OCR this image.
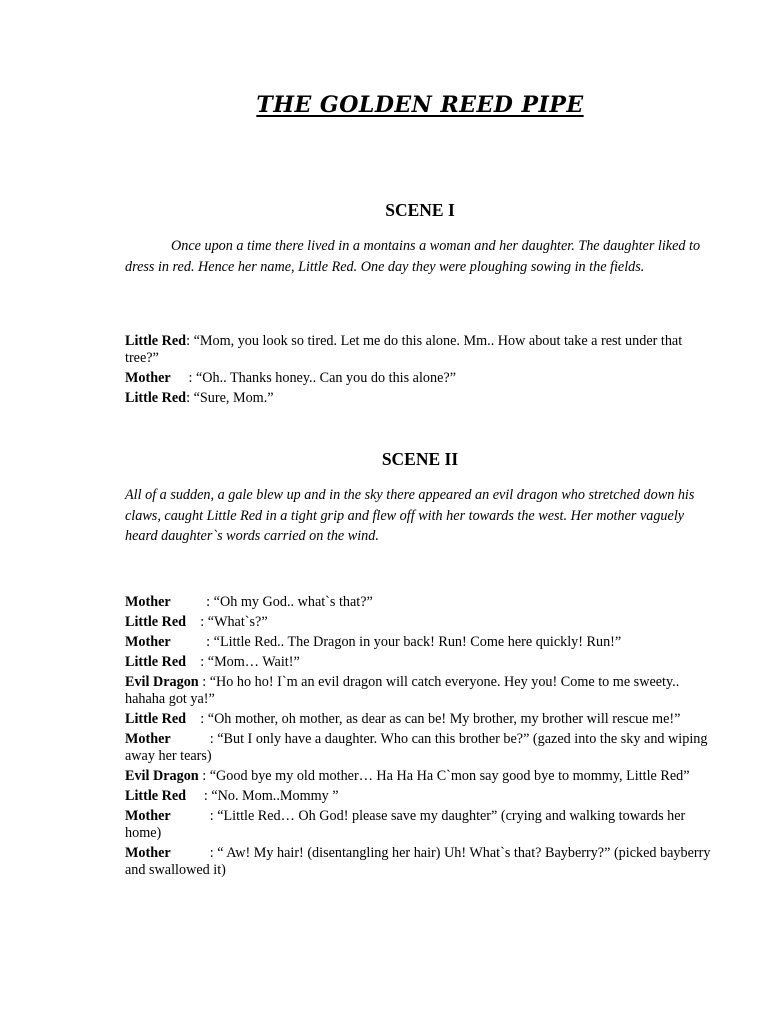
THE GOLDEN REED PIPE
SCENE I

Once upon a time there lived in a montains a woman and her daughter. The daughter liked to dress in red. Hence her name, Little Red. One day they were ploughing sowing in the fields.

Little Red: “Mom, you look so tired. Let me do this alone. Mm.. How about take a rest under that tree?”

Mother     : “Oh.. Thanks honey.. Can you do this alone?”

Little Red: “Sure, Mom.”

SCENE II

All of a sudden, a gale blew up and in the sky there appeared an evil dragon who stretched down his claws, caught Little Red in a tight grip and flew off with her towards the west. Her mother vaguely heard daughter`s words carried on the wind.

Mother          : “Oh my God.. what`s that?”

Little Red    : “What`s?”

Mother          : “Little Red.. The Dragon in your back! Run! Come here quickly! Run!”

Little Red    : “Mom… Wait!”

Evil Dragon : “Ho ho ho! I`m an evil dragon will catch everyone. Hey you! Come to me sweety.. hahaha got ya!”

Little Red    : “Oh mother, oh mother, as dear as can be! My brother, my brother will rescue me!”

Mother           : “But I only have a daughter. Who can this brother be?” (gazed into the sky and wiping away her tears)

Evil Dragon : “Good bye my old mother… Ha Ha Ha C`mon say good bye to mommy, Little Red”

Little Red     : “No. Mom..Mommy ”

Mother           : “Little Red… Oh God! please save my daughter” (crying and walking towards her home)

Mother           : “ Aw! My hair! (disentangling her hair) Uh! What`s that? Bayberry?” (picked bayberry and swallowed it)
